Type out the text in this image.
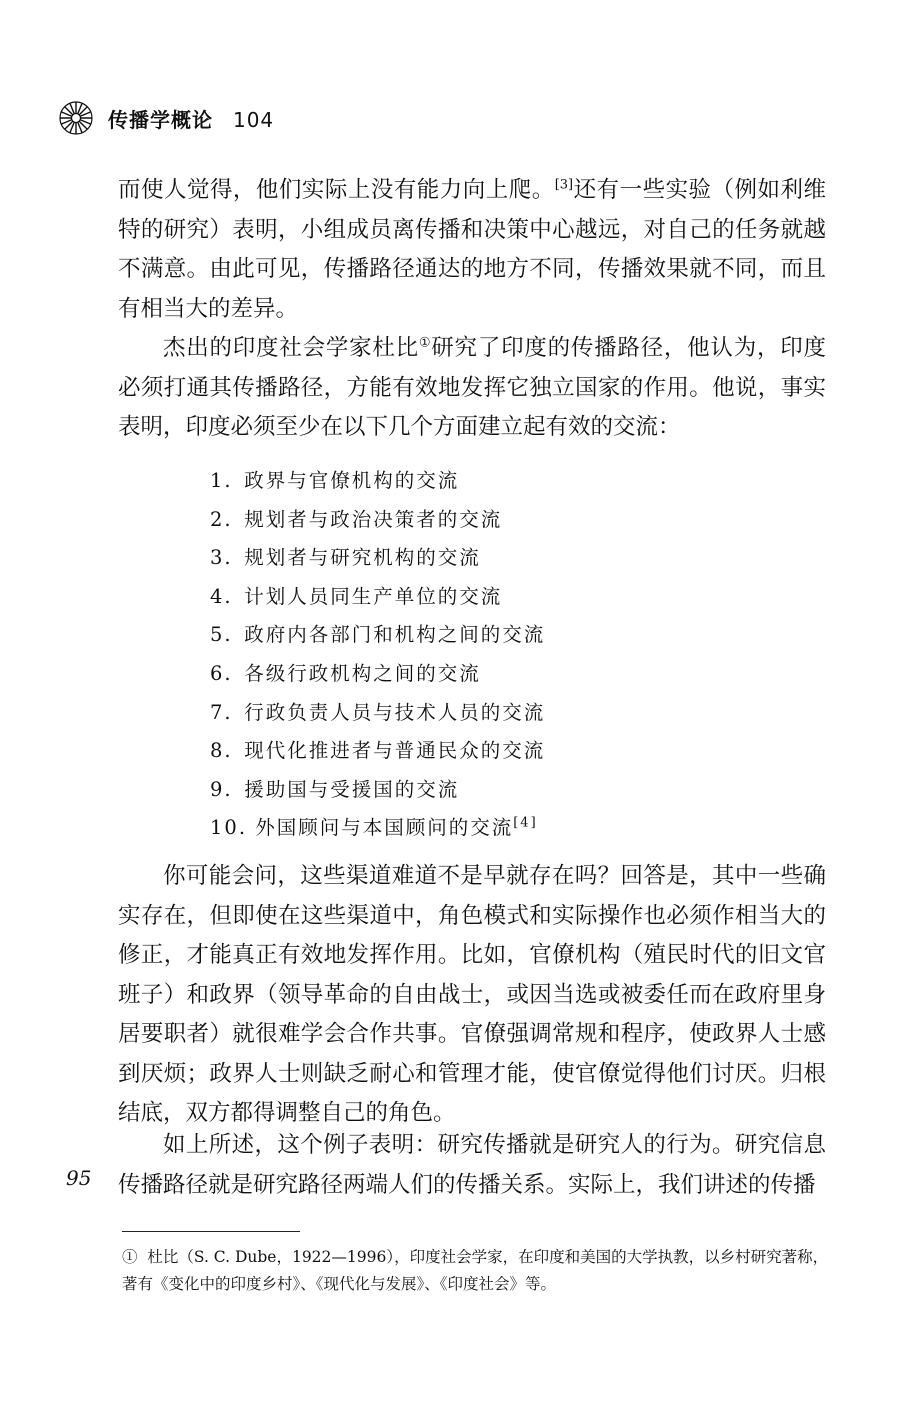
传播学概论 104

而使人觉得，他们实际上没有能力向上爬。[3]还有一些实验（例如利维特的研究）表明，小组成员离传播和决策中心越远，对自己的任务就越不满意。由此可见，传播路径通达的地方不同，传播效果就不同，而且有相当大的差异。

杰出的印度社会学家杜比①研究了印度的传播路径，他认为，印度必须打通其传播路径，方能有效地发挥它独立国家的作用。他说，事实表明，印度必须至少在以下几个方面建立起有效的交流：

1. 政界与官僚机构的交流
2. 规划者与政治决策者的交流
3. 规划者与研究机构的交流
4. 计划人员同生产单位的交流
5. 政府内各部门和机构之间的交流
6. 各级行政机构之间的交流
7. 行政负责人员与技术人员的交流
8. 现代化推进者与普通民众的交流
9. 援助国与受援国的交流
10. 外国顾问与本国顾问的交流[4]

你可能会问，这些渠道难道不是早就存在吗？回答是，其中一些确实存在，但即使在这些渠道中，角色模式和实际操作也必须作相当大的修正，才能真正有效地发挥作用。比如，官僚机构（殖民时代的旧文官班子）和政界（领导革命的自由战士，或因当选或被委任而在政府里身居要职者）就很难学会合作共事。官僚强调常规和程序，使政界人士感到厌烦；政界人士则缺乏耐心和管理才能，使官僚觉得他们讨厌。归根结底，双方都得调整自己的角色。

如上所述，这个例子表明：研究传播就是研究人的行为。研究信息传播路径就是研究路径两端人们的传播关系。实际上，我们讲述的传播

95

① 杜比（S. C. Dube，1922—1996），印度社会学家，在印度和美国的大学执教，以乡村研究著称，著有《变化中的印度乡村》、《现代化与发展》、《印度社会》等。
